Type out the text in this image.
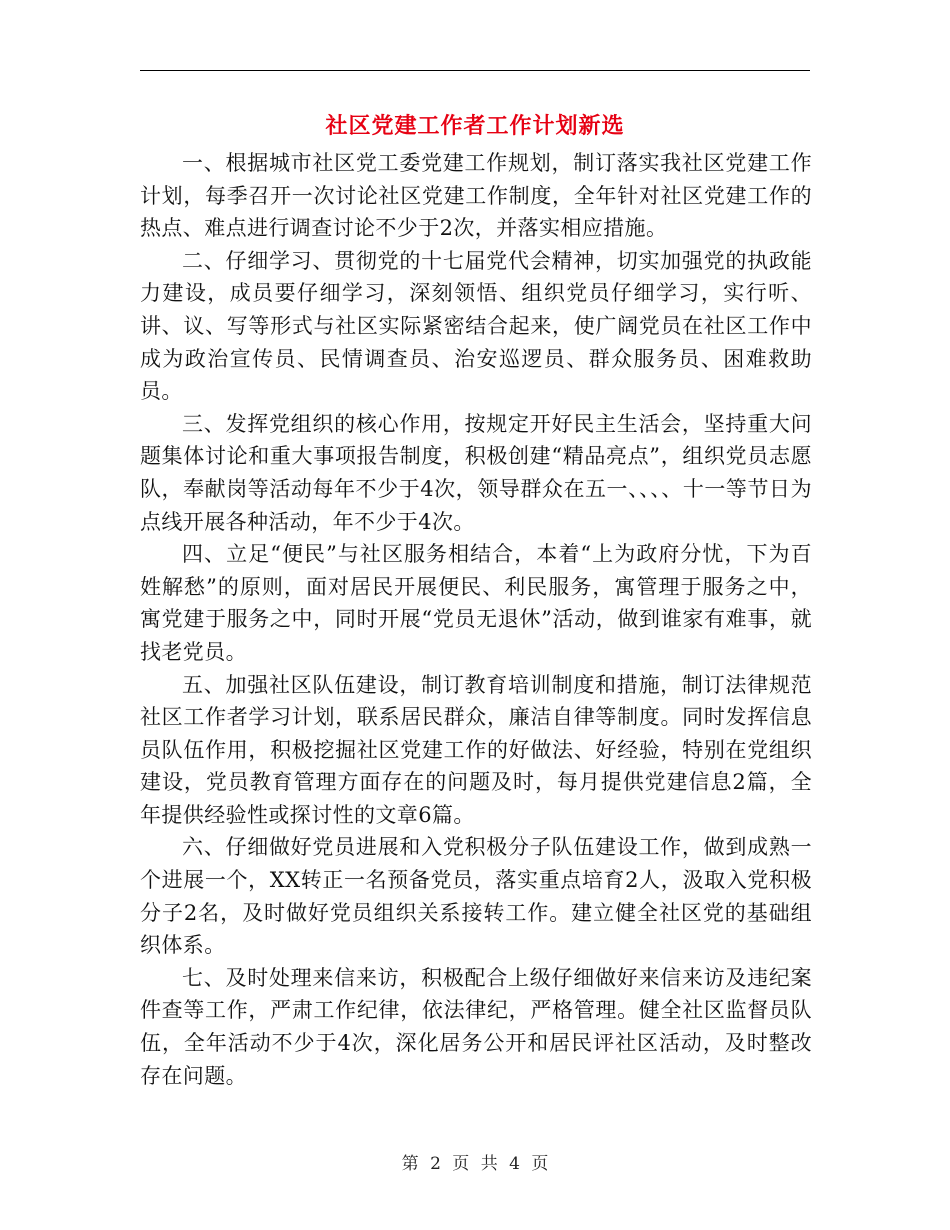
社区党建工作者工作计划新选

一、根据城市社区党工委党建工作规划，制订落实我社区党建工作计划，每季召开一次讨论社区党建工作制度，全年针对社区党建工作的热点、难点进行调查讨论不少于2次，并落实相应措施。

二、仔细学习、贯彻党的十七届党代会精神，切实加强党的执政能力建设，成员要仔细学习，深刻领悟、组织党员仔细学习，实行听、讲、议、写等形式与社区实际紧密结合起来，使广阔党员在社区工作中成为政治宣传员、民情调查员、治安巡逻员、群众服务员、困难救助员。

三、发挥党组织的核心作用，按规定开好民主生活会，坚持重大问题集体讨论和重大事项报告制度，积极创建“精品亮点”，组织党员志愿队，奉献岗等活动每年不少于4次，领导群众在五一、、、、十一等节日为点线开展各种活动，年不少于4次。

四、立足“便民”与社区服务相结合，本着“上为政府分忧，下为百姓解愁”的原则，面对居民开展便民、利民服务，寓管理于服务之中，寓党建于服务之中，同时开展“党员无退休”活动，做到谁家有难事，就找老党员。

五、加强社区队伍建设，制订教育培训制度和措施，制订法律规范社区工作者学习计划，联系居民群众，廉洁自律等制度。同时发挥信息员队伍作用，积极挖掘社区党建工作的好做法、好经验，特别在党组织建设，党员教育管理方面存在的问题及时，每月提供党建信息2篇，全年提供经验性或探讨性的文章6篇。

六、仔细做好党员进展和入党积极分子队伍建设工作，做到成熟一个进展一个，XX转正一名预备党员，落实重点培育2人，汲取入党积极分子2名，及时做好党员组织关系接转工作。建立健全社区党的基础组织体系。

七、及时处理来信来访，积极配合上级仔细做好来信来访及违纪案件查等工作，严肃工作纪律，依法律纪，严格管理。健全社区监督员队伍，全年活动不少于4次，深化居务公开和居民评社区活动，及时整改存在问题。

第 2 页 共 4 页
